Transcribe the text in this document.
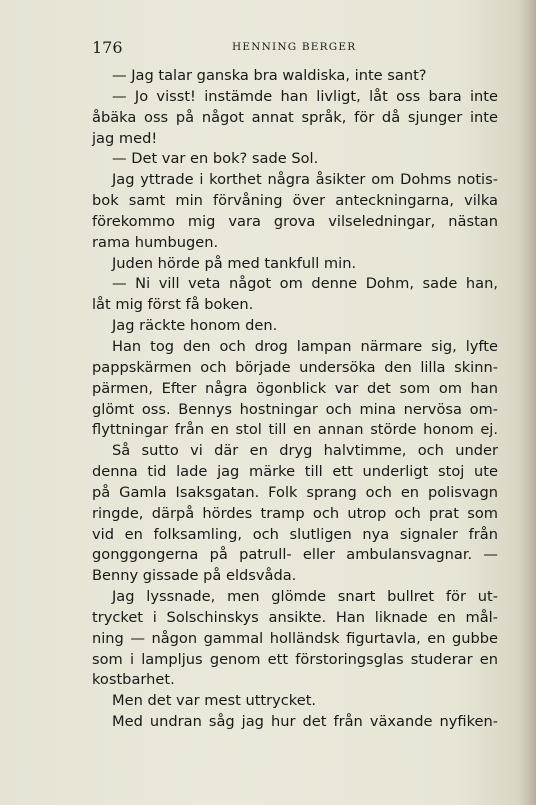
176	HENNING BERGER
— Jag talar ganska bra waldiska, inte sant?
— Jo visst! instämde han livligt, låt oss bara inte
åbäka oss på något annat språk, för då sjunger inte
jag med!
— Det var en bok? sade Sol.
Jag yttrade i korthet några åsikter om Dohms notis-
bok samt min förvåning över anteckningarna, vilka
förekommo mig vara grova vilseledningar, nästan
rama humbugen.
Juden hörde på med tankfull min.
— Ni vill veta något om denne Dohm, sade han,
låt mig först få boken.
Jag räckte honom den.
Han tog den och drog lampan närmare sig, lyfte
pappskärmen och började undersöka den lilla skinn-
pärmen, Efter några ögonblick var det som om han
glömt oss. Bennys hostningar och mina nervösa om-
flyttningar från en stol till en annan störde honom ej.
Så sutto vi där en dryg halvtimme, och under
denna tid lade jag märke till ett underligt stoj ute
på Gamla Isaksgatan. Folk sprang och en polisvagn
ringde, därpå hördes tramp och utrop och prat som
vid en folksamling, och slutligen nya signaler från
gonggongerna på patrull- eller ambulansvagnar. —
Benny gissade på eldsvåda.
Jag lyssnade, men glömde snart bullret för ut-
trycket i Solschinskys ansikte. Han liknade en mål-
ning — någon gammal holländsk figurtavla, en gubbe
som i lampljus genom ett förstoringsglas studerar en
kostbarhet.
Men det var mest uttrycket.
Med undran såg jag hur det från växande nyfiken-
